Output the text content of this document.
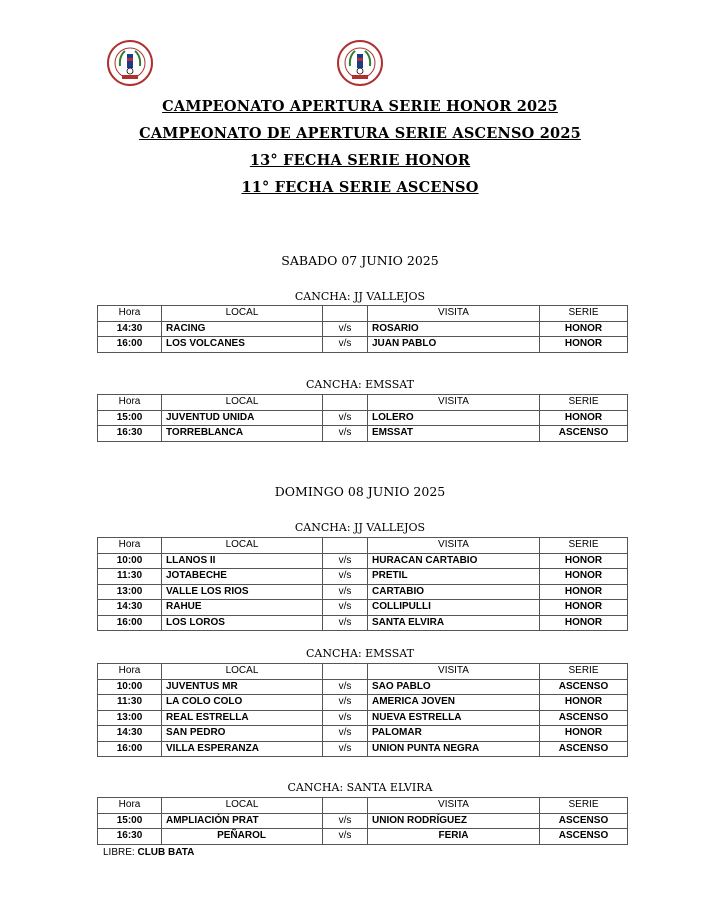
CAMPEONATO APERTURA SERIE HONOR 2025
CAMPEONATO DE APERTURA SERIE ASCENSO 2025
13° FECHA SERIE HONOR
11° FECHA SERIE ASCENSO
SABADO 07 JUNIO 2025
CANCHA: JJ VALLEJOS
Hora	LOCAL		VISITA	SERIE
14:30	RACING	v/s	ROSARIO	HONOR
16:00	LOS VOLCANES	v/s	JUAN PABLO	HONOR
CANCHA: EMSSAT
Hora	LOCAL		VISITA	SERIE
15:00	JUVENTUD UNIDA	v/s	LOLERO	HONOR
16:30	TORREBLANCA	v/s	EMSSAT	ASCENSO
DOMINGO 08 JUNIO 2025
CANCHA: JJ VALLEJOS
Hora	LOCAL		VISITA	SERIE
10:00	LLANOS II	v/s	HURACAN CARTABIO	HONOR
11:30	JOTABECHE	v/s	PRETIL	HONOR
13:00	VALLE LOS RIOS	v/s	CARTABIO	HONOR
14:30	RAHUE	v/s	COLLIPULLI	HONOR
16:00	LOS LOROS	v/s	SANTA ELVIRA	HONOR
CANCHA: EMSSAT
Hora	LOCAL		VISITA	SERIE
10:00	JUVENTUS MR	v/s	SAO PABLO	ASCENSO
11:30	LA COLO COLO	v/s	AMERICA JOVEN	HONOR
13:00	REAL ESTRELLA	v/s	NUEVA ESTRELLA	ASCENSO
14:30	SAN PEDRO	v/s	PALOMAR	HONOR
16:00	VILLA ESPERANZA	v/s	UNION PUNTA NEGRA	ASCENSO
CANCHA: SANTA ELVIRA
Hora	LOCAL		VISITA	SERIE
15:00	AMPLIACIÓN PRAT	v/s	UNION RODRÍGUEZ	ASCENSO
16:30	PEÑAROL	v/s	FERIA	ASCENSO
LIBRE: CLUB BATA
